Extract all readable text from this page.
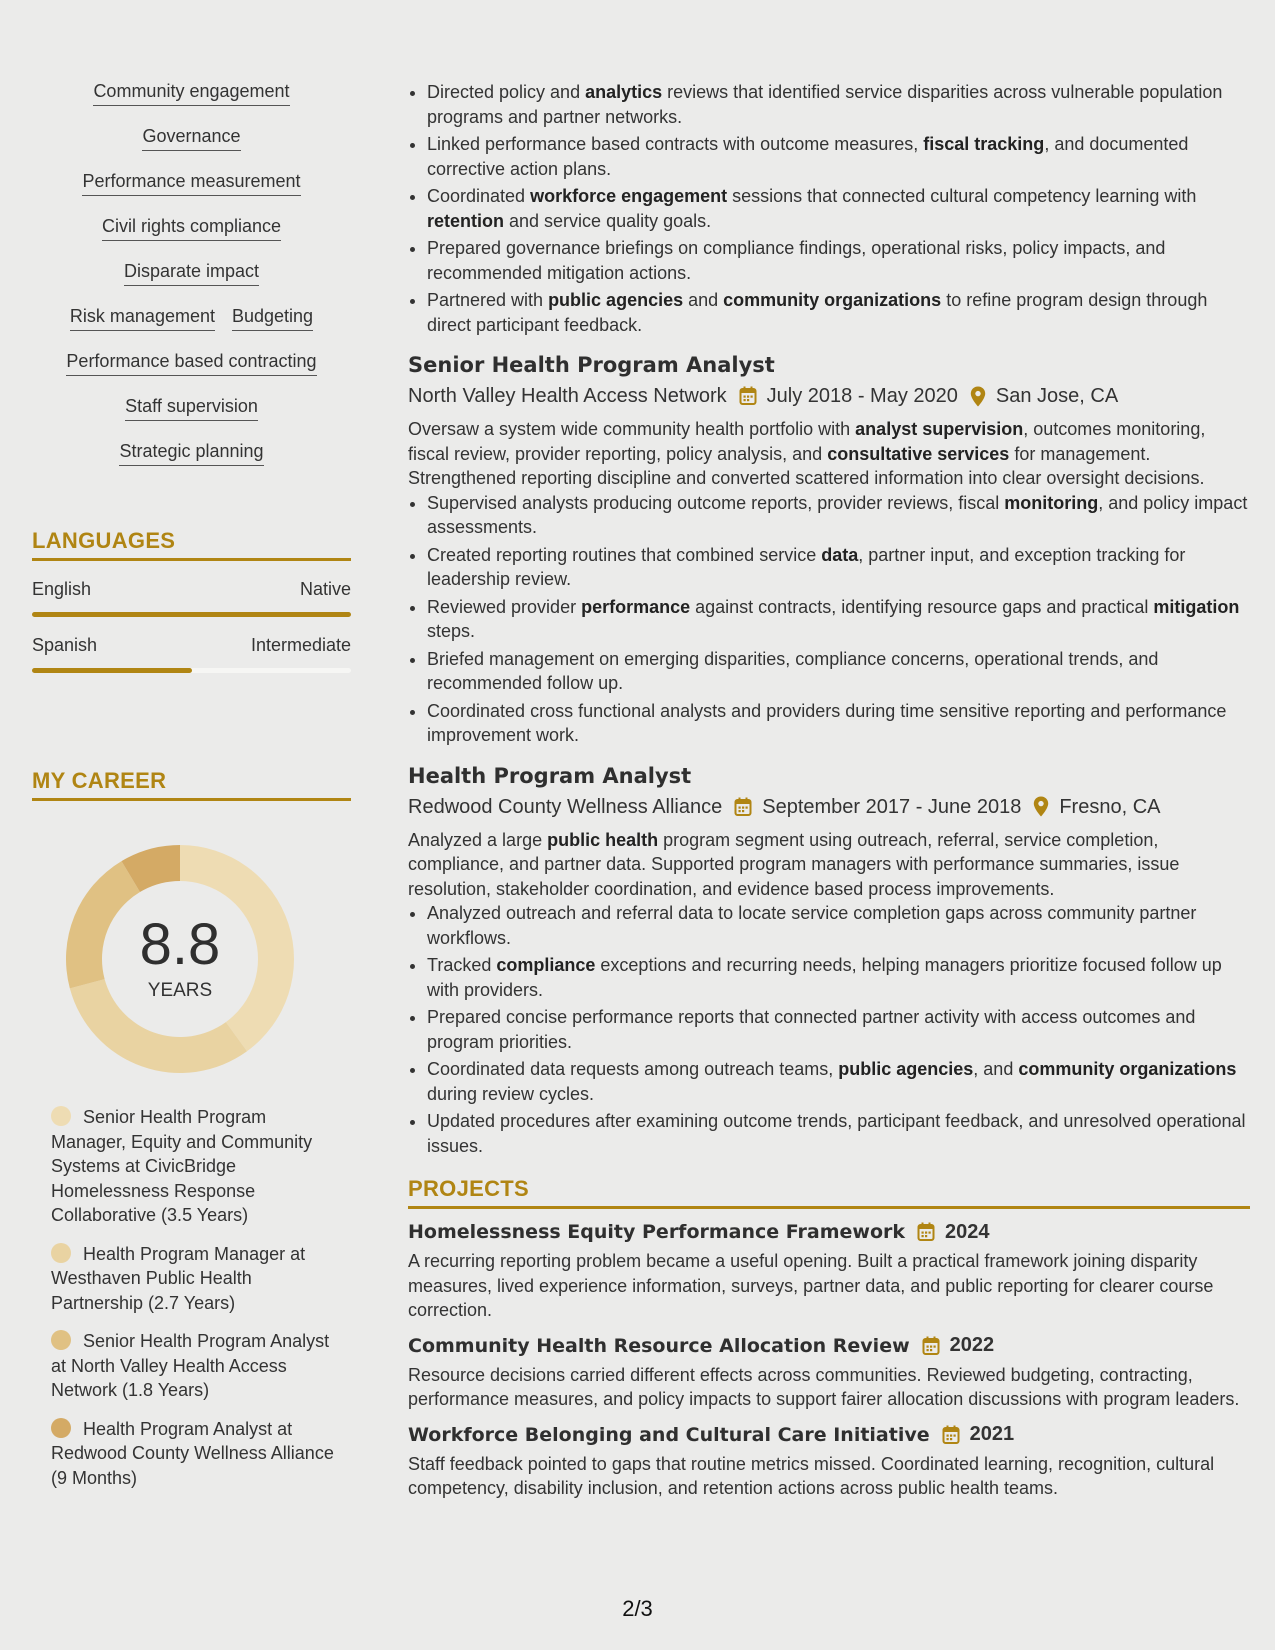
Community engagement
Governance
Performance measurement
Civil rights compliance
Disparate impact
Risk management Budgeting
Performance based contracting
Staff supervision
Strategic planning
LANGUAGES
English	Native
Spanish	Intermediate
MY CAREER
8.8
YEARS
Senior Health Program Manager, Equity and Community Systems at CivicBridge Homelessness Response Collaborative (3.5 Years)
Health Program Manager at Westhaven Public Health Partnership (2.7 Years)
Senior Health Program Analyst at North Valley Health Access Network (1.8 Years)
Health Program Analyst at Redwood County Wellness Alliance (9 Months)
• Directed policy and analytics reviews that identified service disparities across vulnerable population programs and partner networks.
• Linked performance based contracts with outcome measures, fiscal tracking, and documented corrective action plans.
• Coordinated workforce engagement sessions that connected cultural competency learning with retention and service quality goals.
• Prepared governance briefings on compliance findings, operational risks, policy impacts, and recommended mitigation actions.
• Partnered with public agencies and community organizations to refine program design through direct participant feedback.
Senior Health Program Analyst
North Valley Health Access Network July 2018 - May 2020 San Jose, CA

Oversaw a system wide community health portfolio with analyst supervision, outcomes monitoring, fiscal review, provider reporting, policy analysis, and consultative services for management. Strengthened reporting discipline and converted scattered information into clear oversight decisions.

• Supervised analysts producing outcome reports, provider reviews, fiscal monitoring, and policy impact assessments.
• Created reporting routines that combined service data, partner input, and exception tracking for leadership review.
• Reviewed provider performance against contracts, identifying resource gaps and practical mitigation steps.
• Briefed management on emerging disparities, compliance concerns, operational trends, and recommended follow up.
• Coordinated cross functional analysts and providers during time sensitive reporting and performance improvement work.
Health Program Analyst
Redwood County Wellness Alliance September 2017 - June 2018 Fresno, CA

Analyzed a large public health program segment using outreach, referral, service completion, compliance, and partner data. Supported program managers with performance summaries, issue resolution, stakeholder coordination, and evidence based process improvements.

• Analyzed outreach and referral data to locate service completion gaps across community partner workflows.
• Tracked compliance exceptions and recurring needs, helping managers prioritize focused follow up with providers.
• Prepared concise performance reports that connected partner activity with access outcomes and program priorities.
• Coordinated data requests among outreach teams, public agencies, and community organizations during review cycles.
• Updated procedures after examining outcome trends, participant feedback, and unresolved operational issues.
PROJECTS
Homelessness Equity Performance Framework 2024

A recurring reporting problem became a useful opening. Built a practical framework joining disparity measures, lived experience information, surveys, partner data, and public reporting for clearer course correction.

Community Health Resource Allocation Review 2022

Resource decisions carried different effects across communities. Reviewed budgeting, contracting, performance measures, and policy impacts to support fairer allocation discussions with program leaders.

Workforce Belonging and Cultural Care Initiative 2021

Staff feedback pointed to gaps that routine metrics missed. Coordinated learning, recognition, cultural competency, disability inclusion, and retention actions across public health teams.

2/3
